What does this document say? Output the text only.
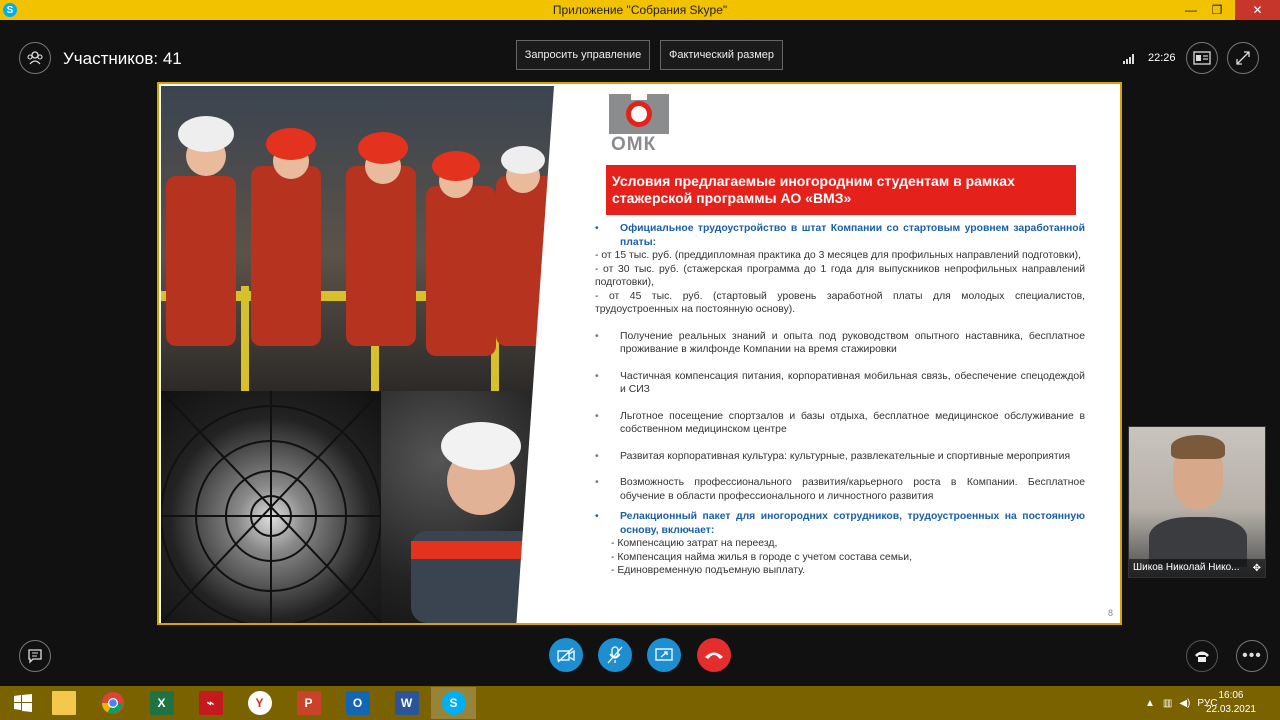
S	Приложение "Собрания Skype"	—	❐	✕
Участников: 41	Запросить управление	Фактический размер	22:26
ОМК
Условия предлагаемые иногородним студентам в рамках стажерской программы АО «ВМЗ»
• Официальное трудоустройство в штат Компании со стартовым уровнем заработанной платы:
- от 15 тыс. руб. (преддипломная практика до 3 месяцев для профильных направлений подготовки),
- от 30 тыс. руб. (стажерская программа до 1 года для выпускников непрофильных направлений подготовки),
- от 45 тыс. руб. (стартовый уровень заработной платы для молодых специалистов, трудоустроенных на постоянную основу).
• Получение реальных знаний и опыта под руководством опытного наставника, бесплатное проживание в жилфонде Компании на время стажировки
• Частичная компенсация питания, корпоративная мобильная связь, обеспечение спецодеждой и СИЗ
• Льготное посещение спортзалов и базы отдыха, бесплатное медицинское обслуживание в собственном медицинском центре
• Развитая корпоративная культура: культурные, развлекательные и спортивные мероприятия
• Возможность профессионального развития/карьерного роста в Компании. Бесплатное обучение в области профессионального и личностного развития
• Релакционный пакет для иногородних сотрудников, трудоустроенных на постоянную основу, включает:
- Компенсацию затрат на переезд,
- Компенсация найма жилья в городе с учетом состава семьи,
- Единовременную подъемную выплату.
8
Шиков Николай Нико...	✥
•••
X	⌁	Y	P	O	W	S	▲ ▥ ◀) РУС
16:06
22.03.2021
